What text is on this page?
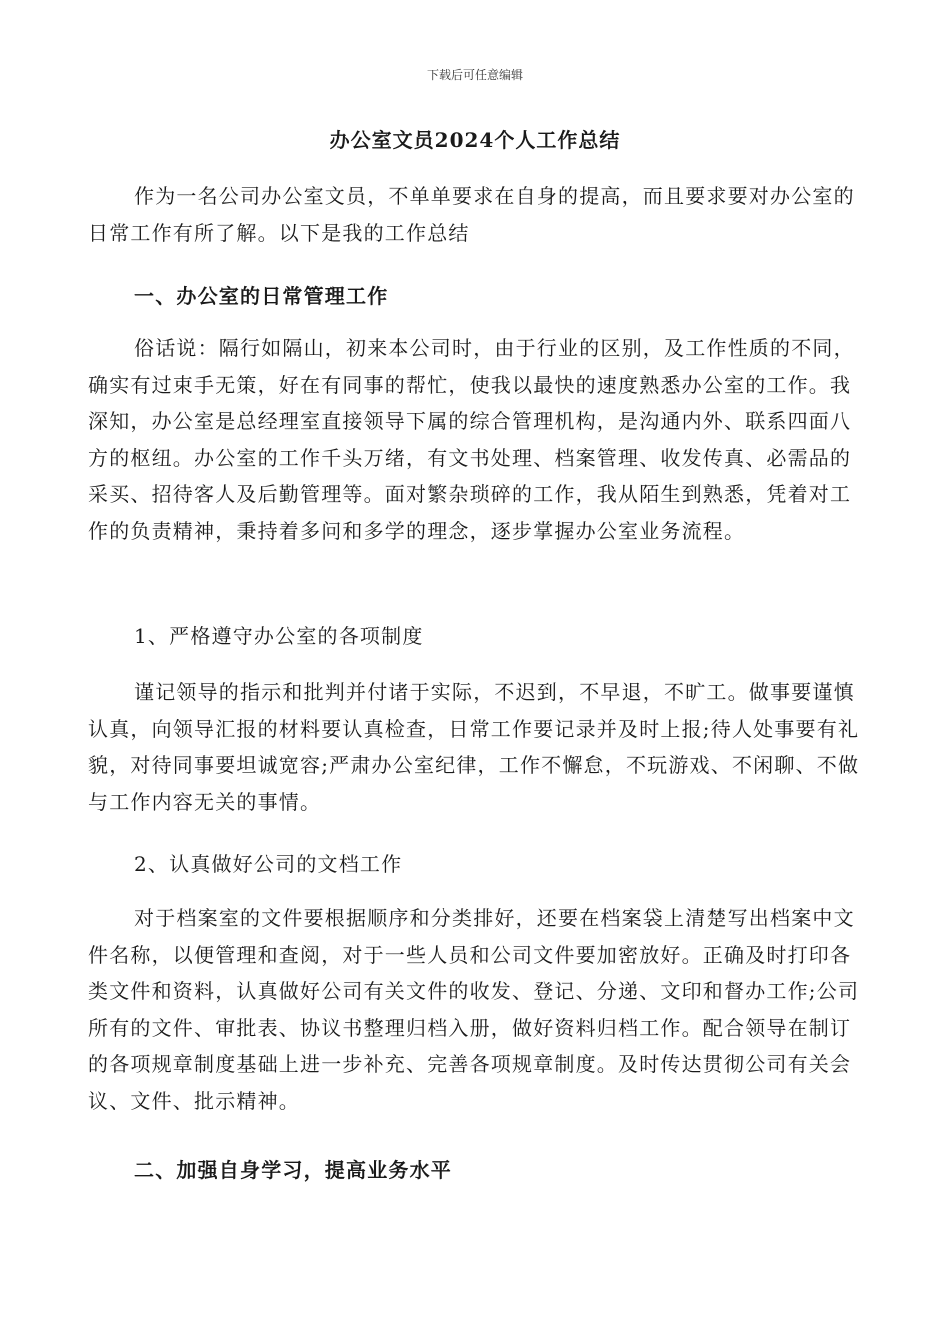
下载后可任意编辑
办公室文员2024个人工作总结

作为一名公司办公室文员，不单单要求在自身的提高，而且要求要对办公室的日常工作有所了解。以下是我的工作总结

一、办公室的日常管理工作

俗话说：隔行如隔山，初来本公司时，由于行业的区别，及工作性质的不同，确实有过束手无策，好在有同事的帮忙，使我以最快的速度熟悉办公室的工作。我深知，办公室是总经理室直接领导下属的综合管理机构，是沟通内外、联系四面八方的枢纽。办公室的工作千头万绪，有文书处理、档案管理、收发传真、必需品的采买、招待客人及后勤管理等。面对繁杂琐碎的工作，我从陌生到熟悉，凭着对工作的负责精神，秉持着多问和多学的理念，逐步掌握办公室业务流程。

1、严格遵守办公室的各项制度

谨记领导的指示和批判并付诸于实际，不迟到，不早退，不旷工。做事要谨慎认真，向领导汇报的材料要认真检查，日常工作要记录并及时上报;待人处事要有礼貌，对待同事要坦诚宽容;严肃办公室纪律，工作不懈怠，不玩游戏、不闲聊、不做与工作内容无关的事情。

2、认真做好公司的文档工作

对于档案室的文件要根据顺序和分类排好，还要在档案袋上清楚写出档案中文件名称，以便管理和查阅，对于一些人员和公司文件要加密放好。正确及时打印各类文件和资料，认真做好公司有关文件的收发、登记、分递、文印和督办工作;公司所有的文件、审批表、协议书整理归档入册，做好资料归档工作。配合领导在制订的各项规章制度基础上进一步补充、完善各项规章制度。及时传达贯彻公司有关会议、文件、批示精神。

二、加强自身学习，提高业务水平
